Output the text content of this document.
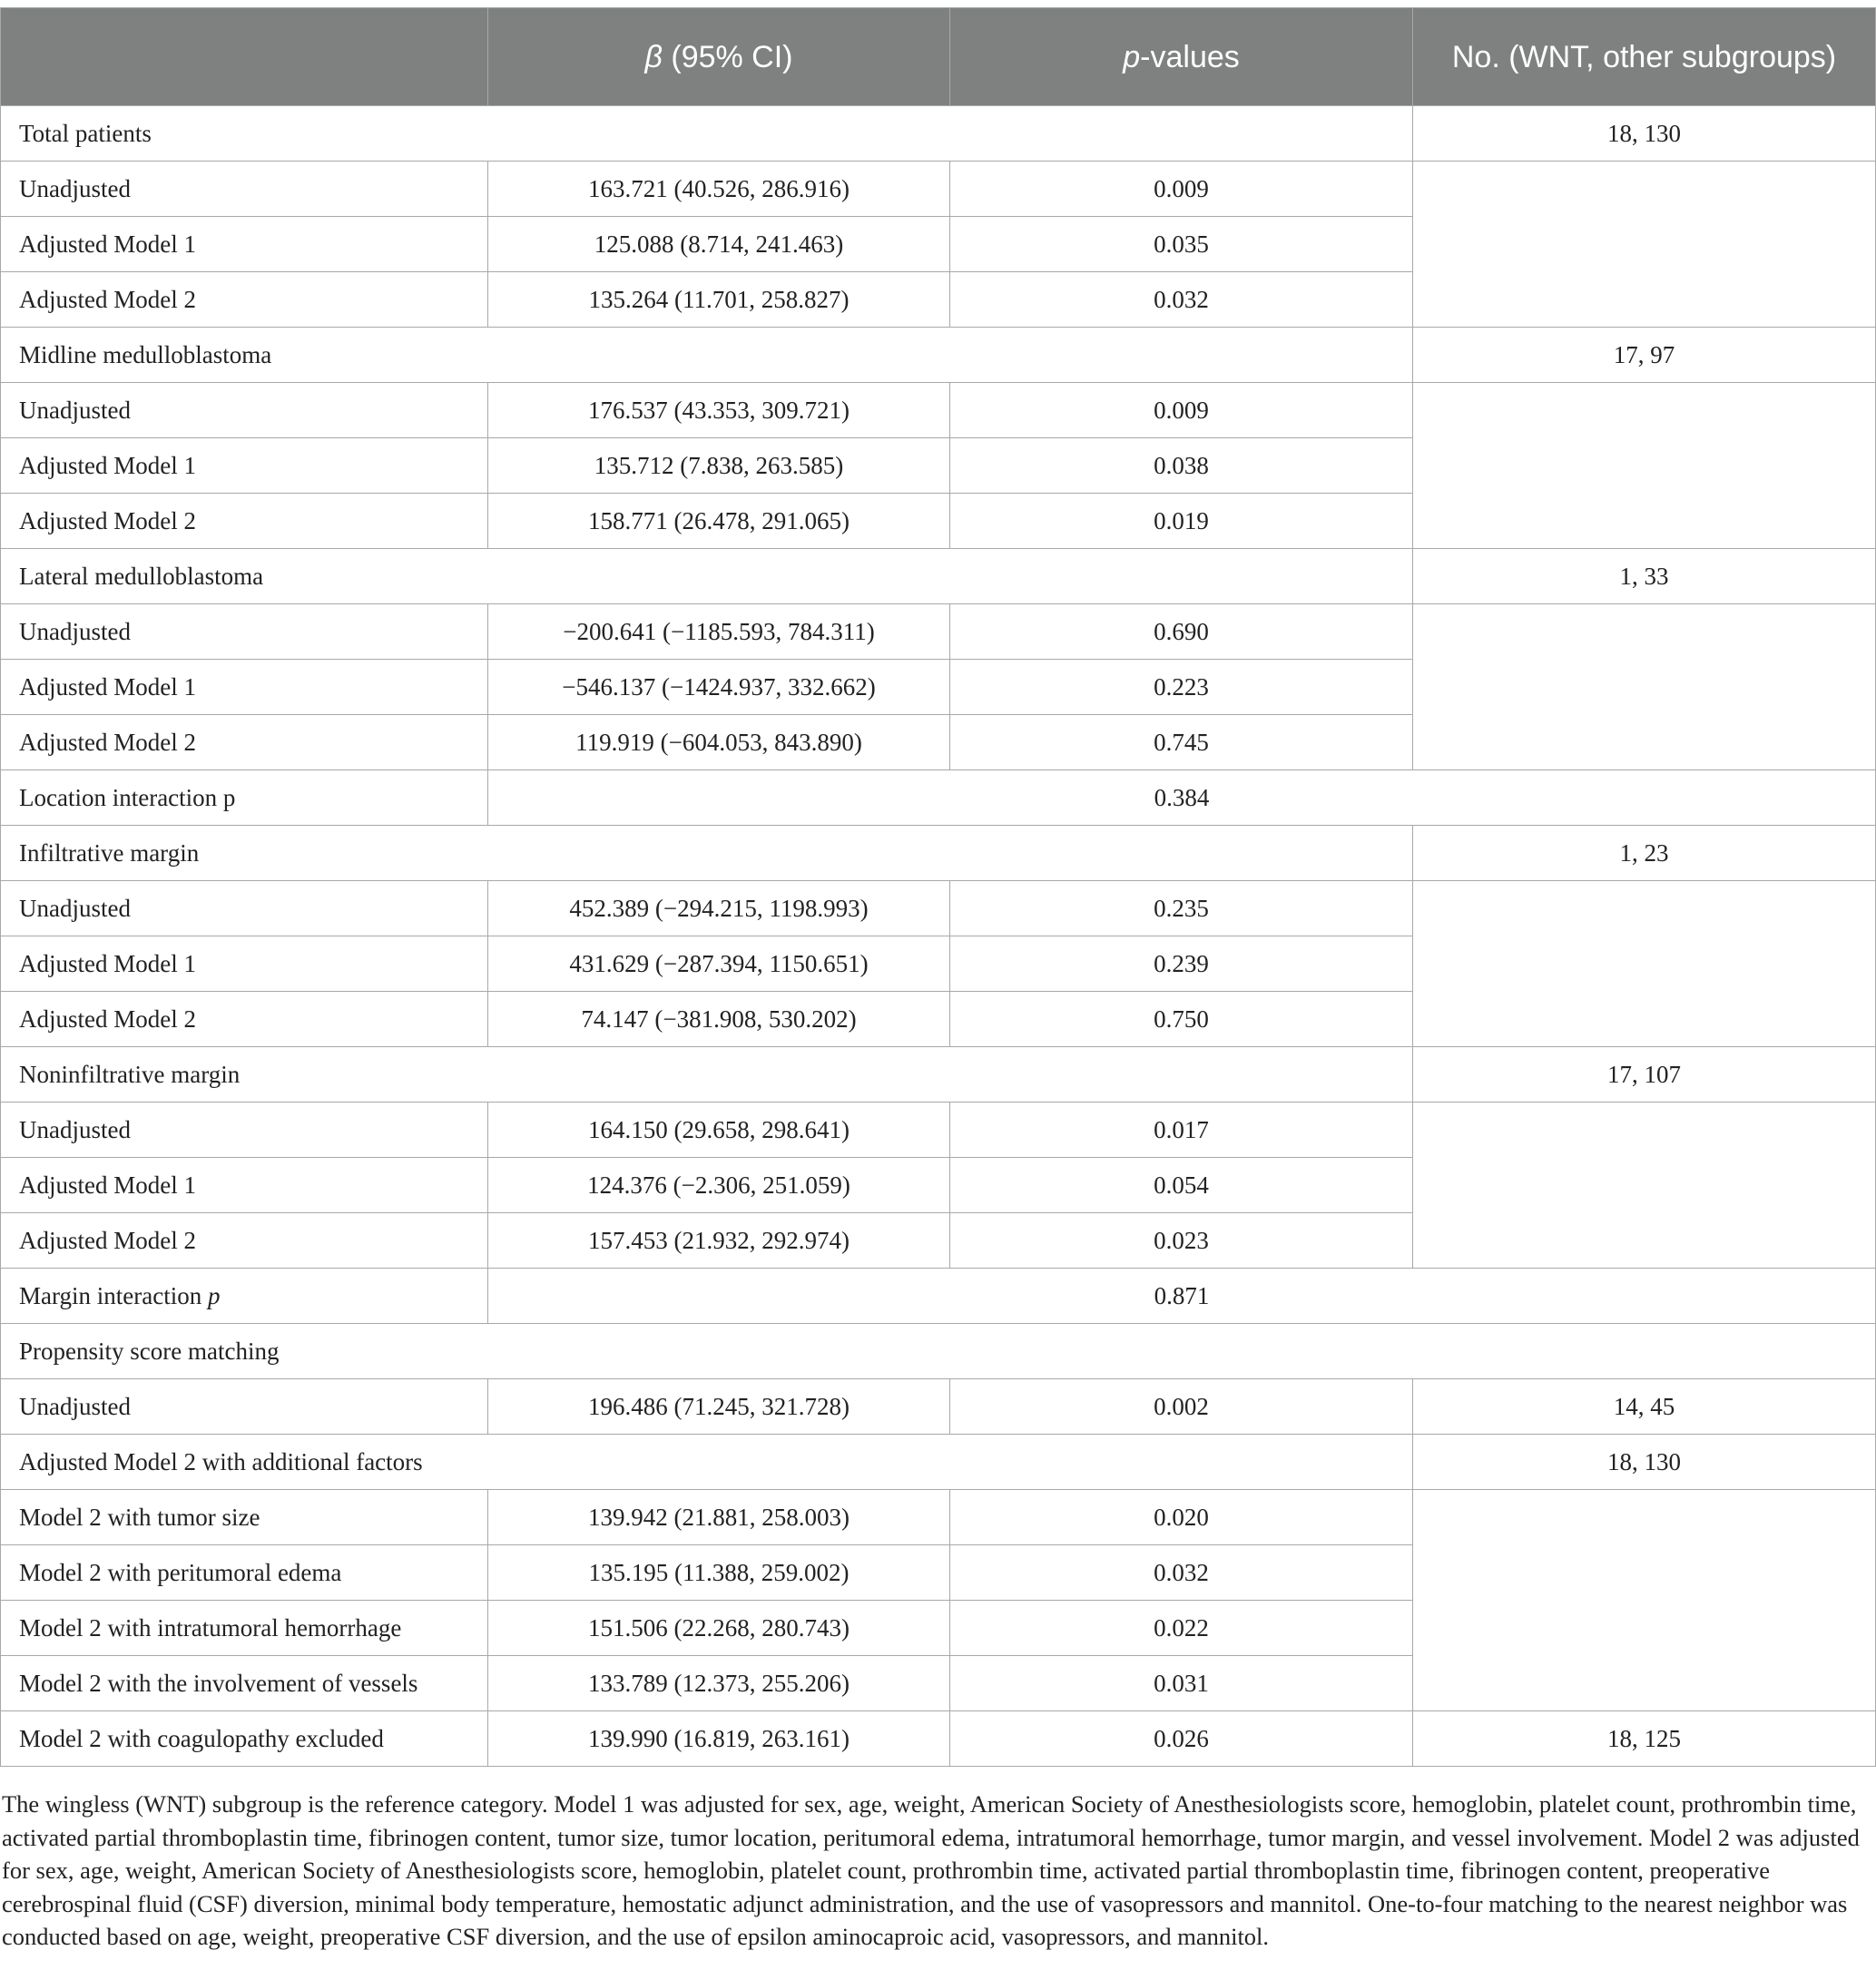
	β (95% CI)	p-values	No. (WNT, other subgroups)
Total patients			18, 130
Unadjusted	163.721 (40.526, 286.916)	0.009	
Adjusted Model 1	125.088 (8.714, 241.463)	0.035	
Adjusted Model 2	135.264 (11.701, 258.827)	0.032	
Midline medulloblastoma			17, 97
Unadjusted	176.537 (43.353, 309.721)	0.009	
Adjusted Model 1	135.712 (7.838, 263.585)	0.038	
Adjusted Model 2	158.771 (26.478, 291.065)	0.019	
Lateral medulloblastoma			1, 33
Unadjusted	−200.641 (−1185.593, 784.311)	0.690	
Adjusted Model 1	−546.137 (−1424.937, 332.662)	0.223	
Adjusted Model 2	119.919 (−604.053, 843.890)	0.745	
Location interaction p	0.384		
Infiltrative margin			1, 23
Unadjusted	452.389 (−294.215, 1198.993)	0.235	
Adjusted Model 1	431.629 (−287.394, 1150.651)	0.239	
Adjusted Model 2	74.147 (−381.908, 530.202)	0.750	
Noninfiltrative margin			17, 107
Unadjusted	164.150 (29.658, 298.641)	0.017	
Adjusted Model 1	124.376 (−2.306, 251.059)	0.054	
Adjusted Model 2	157.453 (21.932, 292.974)	0.023	
Margin interaction p	0.871		
Propensity score matching			
Unadjusted	196.486 (71.245, 321.728)	0.002	14, 45
Adjusted Model 2 with additional factors			18, 130
Model 2 with tumor size	139.942 (21.881, 258.003)	0.020	
Model 2 with peritumoral edema	135.195 (11.388, 259.002)	0.032	
Model 2 with intratumoral hemorrhage	151.506 (22.268, 280.743)	0.022	
Model 2 with the involvement of vessels	133.789 (12.373, 255.206)	0.031	
Model 2 with coagulopathy excluded	139.990 (16.819, 263.161)	0.026	18, 125
The wingless (WNT) subgroup is the reference category. Model 1 was adjusted for sex, age, weight, American Society of Anesthesiologists score, hemoglobin, platelet count, prothrombin time, activated partial thromboplastin time, fibrinogen content, tumor size, tumor location, peritumoral edema, intratumoral hemorrhage, tumor margin, and vessel involvement. Model 2 was adjusted for sex, age, weight, American Society of Anesthesiologists score, hemoglobin, platelet count, prothrombin time, activated partial thromboplastin time, fibrinogen content, preoperative cerebrospinal fluid (CSF) diversion, minimal body temperature, hemostatic adjunct administration, and the use of vasopressors and mannitol. One-to-four matching to the nearest neighbor was conducted based on age, weight, preoperative CSF diversion, and the use of epsilon aminocaproic acid, vasopressors, and mannitol.
